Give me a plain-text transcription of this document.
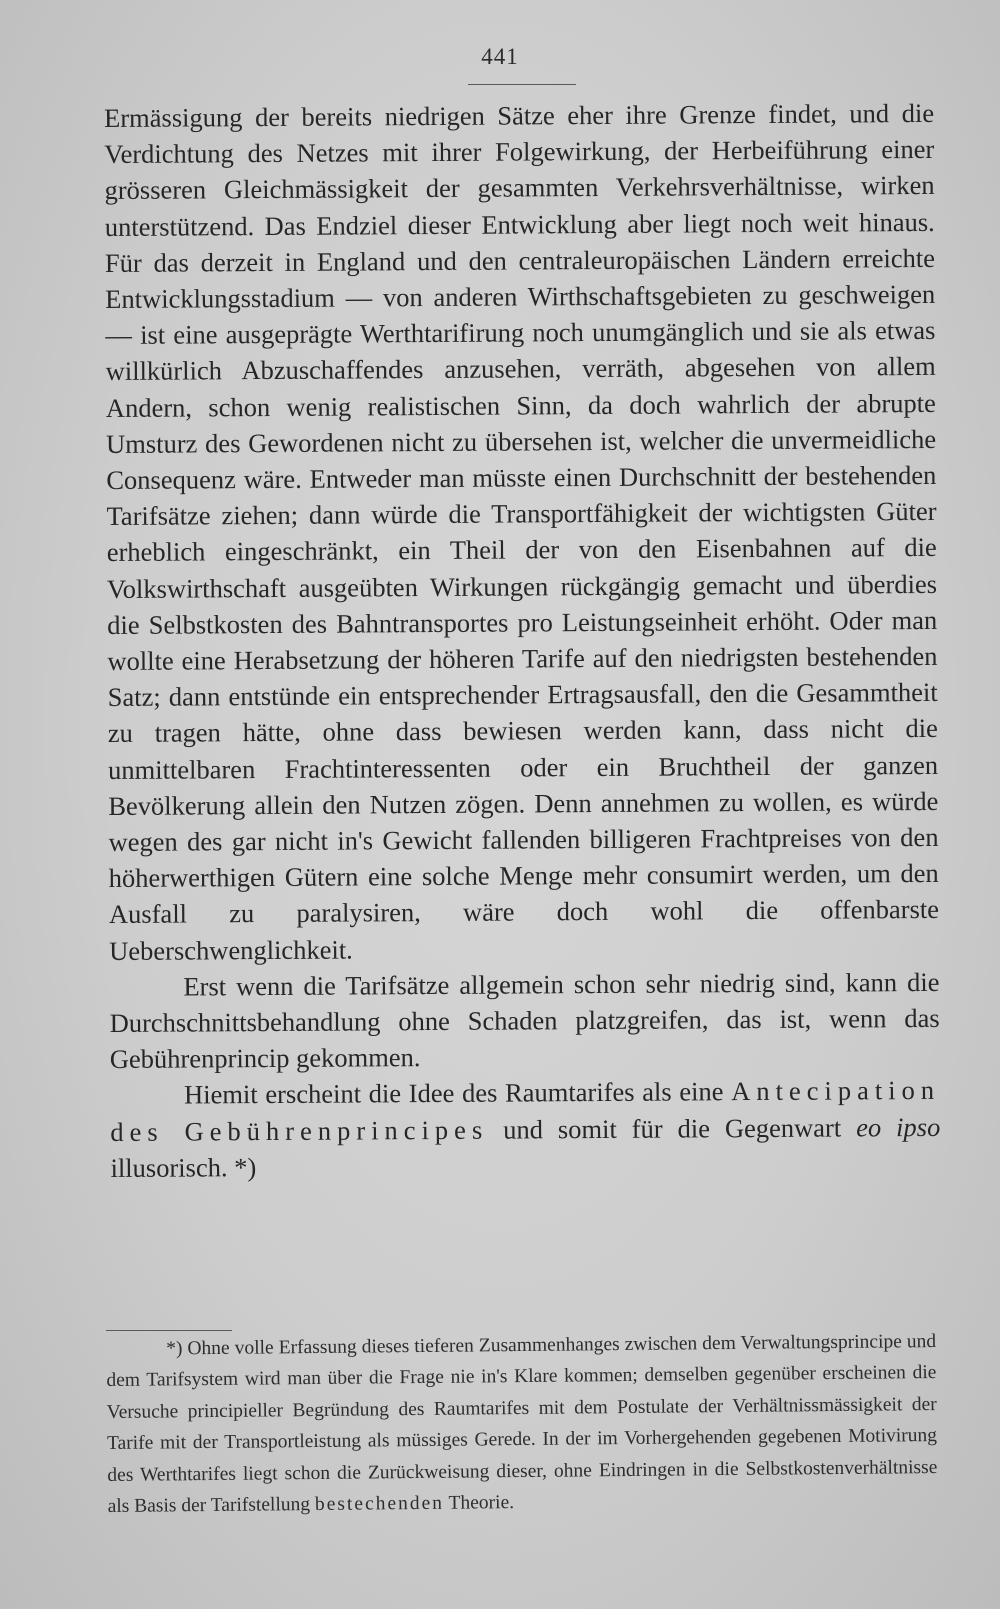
441

Ermässigung der bereits niedrigen Sätze eher ihre Grenze findet, und die Verdichtung des Netzes mit ihrer Folgewirkung, der Herbeiführung einer grösseren Gleichmässigkeit der gesammten Verkehrsverhältnisse, wirken unterstützend. Das Endziel dieser Entwicklung aber liegt noch weit hinaus. Für das derzeit in England und den centraleuropäischen Ländern erreichte Entwicklungsstadium — von anderen Wirthschaftsgebieten zu geschweigen — ist eine ausgeprägte Werthtarifirung noch unumgänglich und sie als etwas willkürlich Abzuschaffendes anzusehen, verräth, abgesehen von allem Andern, schon wenig realistischen Sinn, da doch wahrlich der abrupte Umsturz des Gewordenen nicht zu übersehen ist, welcher die unvermeidliche Consequenz wäre. Entweder man müsste einen Durchschnitt der bestehenden Tarifsätze ziehen; dann würde die Transportfähigkeit der wichtigsten Güter erheblich eingeschränkt, ein Theil der von den Eisenbahnen auf die Volkswirthschaft ausgeübten Wirkungen rückgängig gemacht und überdies die Selbstkosten des Bahntransportes pro Leistungseinheit erhöht. Oder man wollte eine Herabsetzung der höheren Tarife auf den niedrigsten bestehenden Satz; dann entstünde ein entsprechender Ertragsausfall, den die Gesammtheit zu tragen hätte, ohne dass bewiesen werden kann, dass nicht die unmittelbaren Frachtinteressenten oder ein Bruchtheil der ganzen Bevölkerung allein den Nutzen zögen. Denn annehmen zu wollen, es würde wegen des gar nicht in's Gewicht fallenden billigeren Frachtpreises von den höherwerthigen Gütern eine solche Menge mehr consumirt werden, um den Ausfall zu paralysiren, wäre doch wohl die offenbarste Ueberschwenglichkeit.

Erst wenn die Tarifsätze allgemein schon sehr niedrig sind, kann die Durchschnittsbehandlung ohne Schaden platzgreifen, das ist, wenn das Gebührenprincip gekommen.

Hiemit erscheint die Idee des Raumtarifes als eine Antecipation des Gebührenprincipes und somit für die Gegenwart eo ipso illusorisch. *)

*) Ohne volle Erfassung dieses tieferen Zusammenhanges zwischen dem Verwaltungsprincipe und dem Tarifsystem wird man über die Frage nie in's Klare kommen; demselben gegenüber erscheinen die Versuche principieller Begründung des Raumtarifes mit dem Postulate der Verhältnissmässigkeit der Tarife mit der Transportleistung als müssiges Gerede. In der im Vorhergehenden gegebenen Motivirung des Werthtarifes liegt schon die Zurückweisung dieser, ohne Eindringen in die Selbstkostenverhältnisse als Basis der Tarifstellung bestechenden Theorie.
